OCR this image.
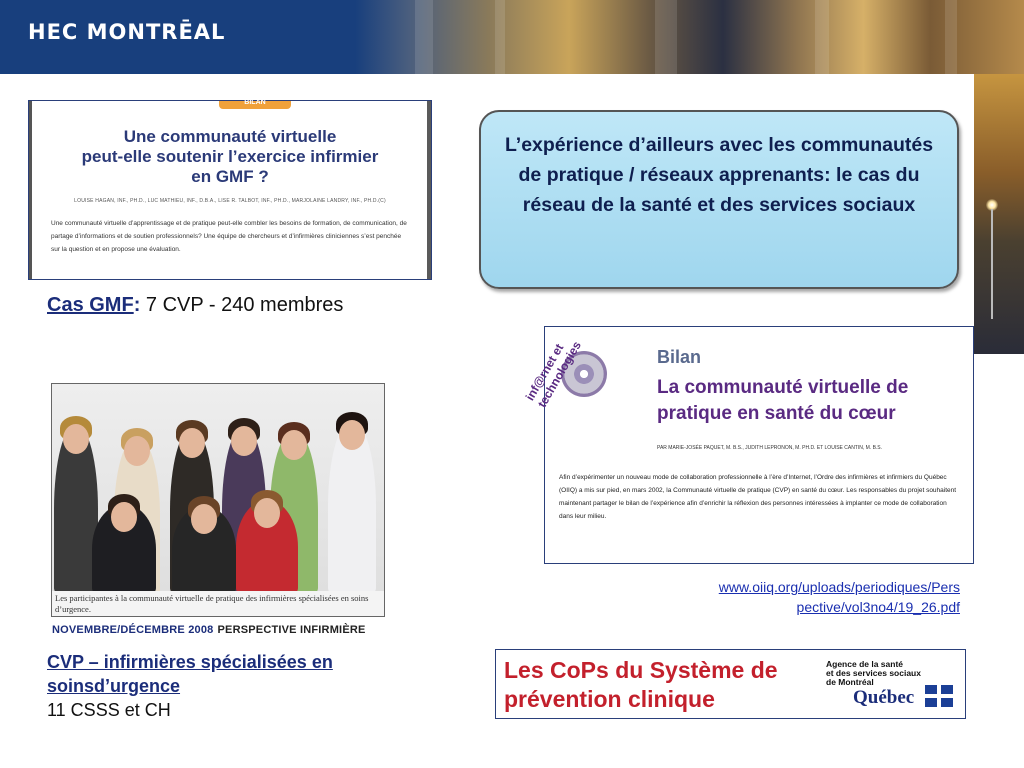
HEC MONTRĒAL
BILAN
Une communauté virtuelle
peut-elle soutenir l’exercice infirmier
en GMF ?
LOUISE HAGAN, INF., PH.D., LUC MATHIEU, INF., D.B.A., LISE R. TALBOT, INF., PH.D., MARJOLAINE LANDRY, INF., PH.D.(C)
Une communauté virtuelle d’apprentissage et de pratique peut-elle combler les besoins de formation, de communication, de partage d’informations et de soutien professionnels? Une équipe de chercheurs et d’infirmières cliniciennes s’est penchée sur la question et en propose une évaluation.
Cas GMF: 7 CVP - 240 membres
L’expérience d’ailleurs avec les communautés de pratique / réseaux apprenants: le cas du réseau de la santé et des services sociaux
Les participantes à la communauté virtuelle de pratique des infirmières spécialisées en soins d’urgence.
NOVEMBRE/DÉCEMBRE 2008 PERSPECTIVE INFIRMIÈRE
CVP – infirmières spécialisées en soinsd’urgence
11 CSSS et CH
inf@rnet et technologies	Bilan
La communauté virtuelle de
pratique en santé du cœur
PAR MARIE-JOSÉE PAQUET, M. B.S., JUDITH LEPRONON, M. PH.D. ET LOUISE CANTIN, M. B.S.
Afin d’expérimenter un nouveau mode de collaboration professionnelle à l’ère d’Internet, l’Ordre des infirmières et infirmiers du Québec (OIIQ) a mis sur pied, en mars 2002, la Communauté virtuelle de pratique (CVP) en santé du cœur. Les responsables du projet souhaitent maintenant partager le bilan de l’expérience afin d’enrichir la réflexion des personnes intéressées à implanter ce mode de collaboration dans leur milieu.
www.oiiq.org/uploads/periodiques/Pers
pective/vol3no4/19_26.pdf
Les CoPs du Système de
prévention clinique
Agence de la santé
et des services sociaux
de Montréal
Québec
